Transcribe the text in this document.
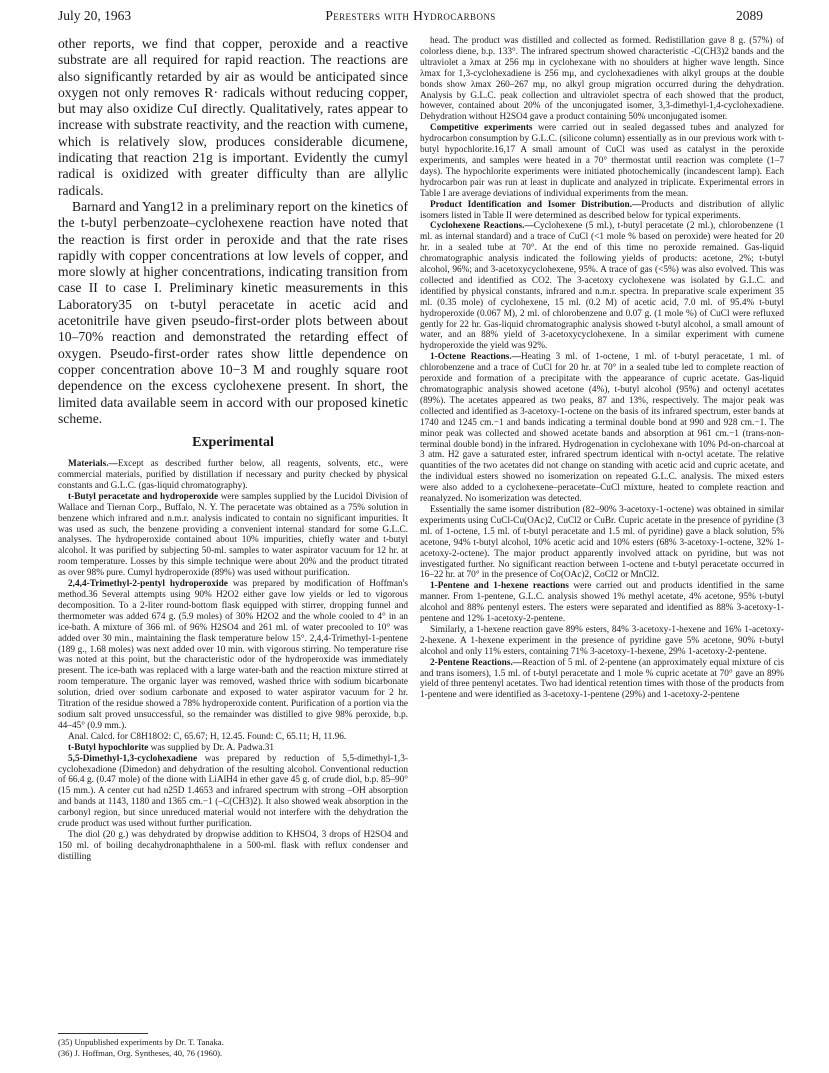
July 20, 1963	Peresters with Hydrocarbons	2089

other reports, we find that copper, peroxide and a reactive substrate are all required for rapid reaction. The reactions are also significantly retarded by air as would be anticipated since oxygen not only removes R· radicals without reducing copper, but may also oxidize CuI directly. Qualitatively, rates appear to increase with substrate reactivity, and the reaction with cumene, which is relatively slow, produces considerable dicumene, indicating that reaction 21g is important. Evidently the cumyl radical is oxidized with greater difficulty than are allylic radicals.

Barnard and Yang12 in a preliminary report on the kinetics of the t-butyl perbenzoate–cyclohexene reaction have noted that the reaction is first order in peroxide and that the rate rises rapidly with copper concentrations at low levels of copper, and more slowly at higher concentrations, indicating transition from case II to case I. Preliminary kinetic measurements in this Laboratory35 on t-butyl peracetate in acetic acid and acetonitrile have given pseudo-first-order plots between about 10–70% reaction and demonstrated the retarding effect of oxygen. Pseudo-first-order rates show little dependence on copper concentration above 10−3 M and roughly square root dependence on the excess cyclohexene present. In short, the limited data available seem in accord with our proposed kinetic scheme.

Experimental

Materials.—Except as described further below, all reagents, solvents, etc., were commercial materials, purified by distillation if necessary and purity checked by physical constants and G.L.C. (gas-liquid chromatography).

t-Butyl peracetate and hydroperoxide were samples supplied by the Lucidol Division of Wallace and Tiernan Corp., Buffalo, N. Y. The peracetate was obtained as a 75% solution in benzene which infrared and n.m.r. analysis indicated to contain no significant impurities. It was used as such, the benzene providing a convenient internal standard for some G.L.C. analyses. The hydroperoxide contained about 10% impurities, chiefly water and t-butyl alcohol. It was purified by subjecting 50-ml. samples to water aspirator vacuum for 12 hr. at room temperature. Losses by this simple technique were about 20% and the product titrated as over 98% pure. Cumyl hydroperoxide (89%) was used without purification.

2,4,4-Trimethyl-2-pentyl hydroperoxide was prepared by modification of Hoffman's method.36 Several attempts using 90% H2O2 either gave low yields or led to vigorous decomposition. To a 2-liter round-bottom flask equipped with stirrer, dropping funnel and thermometer was added 674 g. (5.9 moles) of 30% H2O2 and the whole cooled to 4° in an ice-bath. A mixture of 366 ml. of 96% H2SO4 and 261 ml. of water precooled to 10° was added over 30 min., maintaining the flask temperature below 15°. 2,4,4-Trimethyl-1-pentene (189 g., 1.68 moles) was next added over 10 min. with vigorous stirring. No temperature rise was noted at this point, but the characteristic odor of the hydroperoxide was immediately present. The ice-bath was replaced with a large water-bath and the reaction mixture stirred at room temperature. The organic layer was removed, washed thrice with sodium bicarbonate solution, dried over sodium carbonate and exposed to water aspirator vacuum for 2 hr. Titration of the residue showed a 78% hydroperoxide content. Purification of a portion via the sodium salt proved unsuccessful, so the remainder was distilled to give 98% peroxide, b.p. 44–45° (0.9 mm.).

Anal. Calcd. for C8H18O2: C, 65.67; H, 12.45. Found: C, 65.11; H, 11.96.

t-Butyl hypochlorite was supplied by Dr. A. Padwa.31

5,5-Dimethyl-1,3-cyclohexadiene was prepared by reduction of 5,5-dimethyl-1,3-cyclohexadione (Dimedon) and dehydration of the resulting alcohol. Conventional reduction of 66.4 g. (0.47 mole) of the dione with LiAlH4 in ether gave 45 g. of crude diol, b.p. 85–90° (15 mm.). A center cut had n25D 1.4653 and infrared spectrum with strong –OH absorption and bands at 1143, 1180 and 1365 cm.−1 (–C(CH3)2). It also showed weak absorption in the carbonyl region, but since unreduced material would not interfere with the dehydration the crude product was used without further purification.

The diol (20 g.) was dehydrated by dropwise addition to KHSO4, 3 drops of H2SO4 and 150 ml. of boiling decahydronaphthalene in a 500-ml. flask with reflux condenser and distilling

(35) Unpublished experiments by Dr. T. Tanaka.
(36) J. Hoffman, Org. Syntheses, 40, 76 (1960).

head. The product was distilled and collected as formed. Redistillation gave 8 g. (57%) of colorless diene, b.p. 133°. The infrared spectrum showed characteristic -C(CH3)2 bands and the ultraviolet a λmax at 256 mμ in cyclohexane with no shoulders at higher wave length. Since λmax for 1,3-cyclohexadiene is 256 mμ, and cyclohexadienes with alkyl groups at the double bonds show λmax 260–267 mμ, no alkyl group migration occurred during the dehydration. Analysis by G.L.C. peak collection and ultraviolet spectra of each showed that the product, however, contained about 20% of the unconjugated isomer, 3,3-dimethyl-1,4-cyclohexadiene. Dehydration without H2SO4 gave a product containing 50% unconjugated isomer.

Competitive experiments were carried out in sealed degassed tubes and analyzed for hydrocarbon consumption by G.L.C. (silicone column) essentially as in our previous work with t-butyl hypochlorite.16,17 A small amount of CuCl was used as catalyst in the peroxide experiments, and samples were heated in a 70° thermostat until reaction was complete (1–7 days). The hypochlorite experiments were initiated photochemically (incandescent lamp). Each hydrocarbon pair was run at least in duplicate and analyzed in triplicate. Experimental errors in Table I are average deviations of individual experiments from the mean.

Product Identification and Isomer Distribution.—Products and distribution of allylic isomers listed in Table II were determined as described below for typical experiments.

Cyclohexene Reactions.—Cyclohexene (5 ml.), t-butyl peracetate (2 ml.), chlorobenzene (1 ml. as internal standard) and a trace of CuCl (<1 mole % based on peroxide) were heated for 20 hr. in a sealed tube at 70°. At the end of this time no peroxide remained. Gas-liquid chromatographic analysis indicated the following yields of products: acetone, 2%; t-butyl alcohol, 96%; and 3-acetoxycyclohexene, 95%. A trace of gas (<5%) was also evolved. This was collected and identified as CO2. The 3-acetoxy cyclohexene was isolated by G.L.C. and identified by physical constants, infrared and n.m.r. spectra. In preparative scale experiment 35 ml. (0.35 mole) of cyclohexene, 15 ml. (0.2 M) of acetic acid, 7.0 ml. of 95.4% t-butyl hydroperoxide (0.067 M), 2 ml. of chlorobenzene and 0.07 g. (1 mole %) of CuCl were refluxed gently for 22 hr. Gas-liquid chromatographic analysis showed t-butyl alcohol, a small amount of water, and an 88% yield of 3-acetoxycyclohexene. In a similar experiment with cumene hydroperoxide the yield was 92%.

1-Octene Reactions.—Heating 3 ml. of 1-octene, 1 ml. of t-butyl peracetate, 1 ml. of chlorobenzene and a trace of CuCl for 20 hr. at 70° in a sealed tube led to complete reaction of peroxide and formation of a precipitate with the appearance of cupric acetate. Gas-liquid chromatographic analysis showed acetone (4%), t-butyl alcohol (95%) and octenyl acetates (89%). The acetates appeared as two peaks, 87 and 13%, respectively. The major peak was collected and identified as 3-acetoxy-1-octene on the basis of its infrared spectrum, ester bands at 1740 and 1245 cm.−1 and bands indicating a terminal double bond at 990 and 928 cm.−1. The minor peak was collected and showed acetate bands and absorption at 961 cm.−1 (trans-non-terminal double bond) in the infrared. Hydrogenation in cyclohexane with 10% Pd-on-charcoal at 3 atm. H2 gave a saturated ester, infrared spectrum identical with n-octyl acetate. The relative quantities of the two acetates did not change on standing with acetic acid and cupric acetate, and the individual esters showed no isomerization on repeated G.L.C. analysis. The mixed esters were also added to a cyclohexene–peracetate–CuCl mixture, heated to complete reaction and reanalyzed. No isomerization was detected.

Essentially the same isomer distribution (82–90% 3-acetoxy-1-octene) was obtained in similar experiments using CuCl-Cu(OAc)2, CuCl2 or CuBr. Cupric acetate in the presence of pyridine (3 ml. of 1-octene, 1.5 ml. of t-butyl peracetate and 1.5 ml. of pyridine) gave a black solution, 5% acetone, 94% t-butyl alcohol, 10% acetic acid and 10% esters (68% 3-acetoxy-1-octene, 32% 1-acetoxy-2-octene). The major product apparently involved attack on pyridine, but was not investigated further. No significant reaction between 1-octene and t-butyl peracetate occurred in 16–22 hr. at 70° in the presence of Co(OAc)2, CoCl2 or MnCl2.

1-Pentene and 1-hexene reactions were carried out and products identified in the same manner. From 1-pentene, G.L.C. analysis showed 1% methyl acetate, 4% acetone, 95% t-butyl alcohol and 88% pentenyl esters. The esters were separated and identified as 88% 3-acetoxy-1-pentene and 12% 1-acetoxy-2-pentene.

Similarly, a 1-hexene reaction gave 89% esters, 84% 3-acetoxy-1-hexene and 16% 1-acetoxy-2-hexene. A 1-hexene experiment in the presence of pyridine gave 5% acetone, 90% t-butyl alcohol and only 11% esters, containing 71% 3-acetoxy-1-hexene, 29% 1-acetoxy-2-pentene.

2-Pentene Reactions.—Reaction of 5 ml. of 2-pentene (an approximately equal mixture of cis and trans isomers), 1.5 ml. of t-butyl peracetate and 1 mole % cupric acetate at 70° gave an 89% yield of three pentenyl acetates. Two had identical retention times with those of the products from 1-pentene and were identified as 3-acetoxy-1-pentene (29%) and 1-acetoxy-2-pentene
